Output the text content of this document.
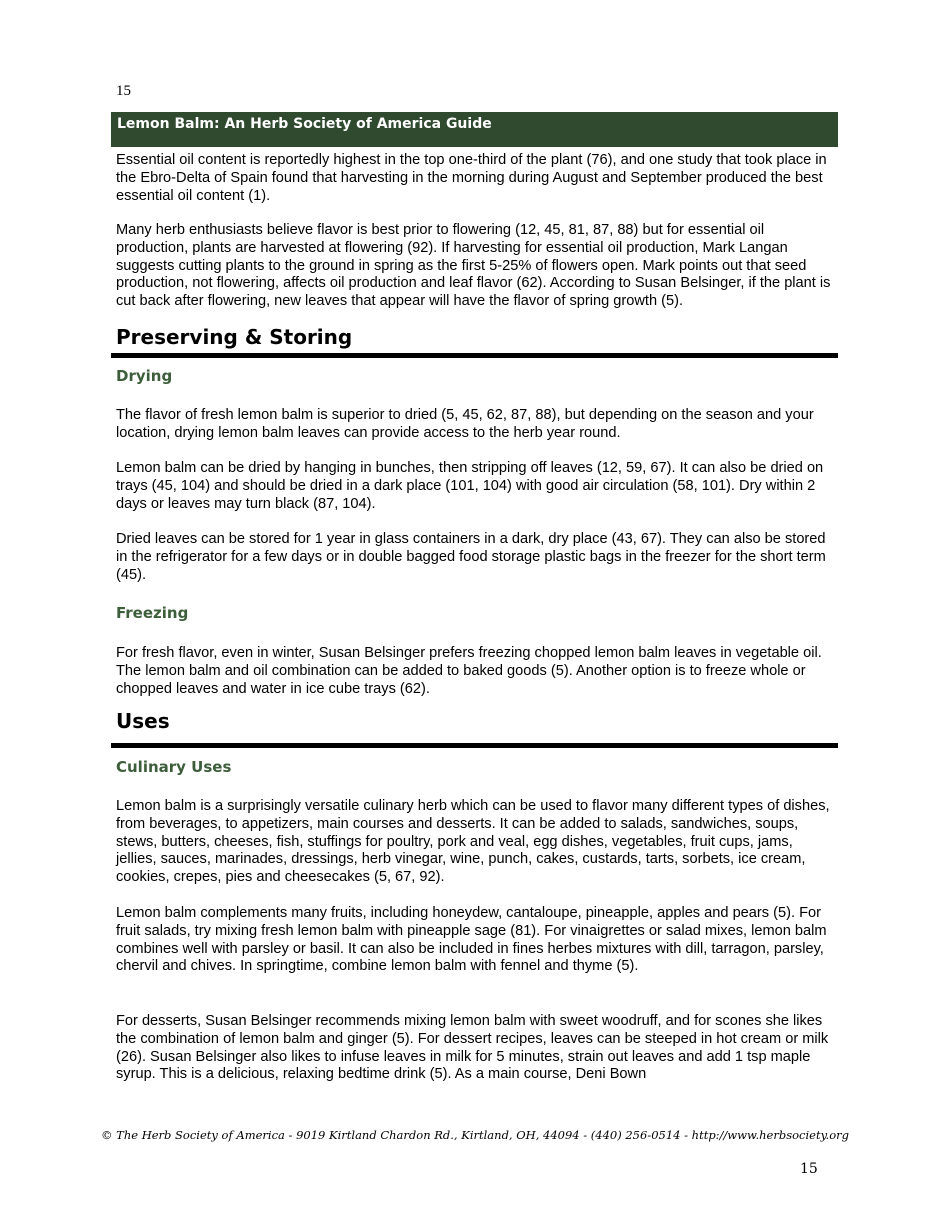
15
Lemon Balm: An Herb Society of America Guide

Essential oil content is reportedly highest in the top one-third of the plant (76), and one study that took place in the Ebro-Delta of Spain found that harvesting in the morning during August and September produced the best essential oil content (1).

Many herb enthusiasts believe flavor is best prior to flowering (12, 45, 81, 87, 88) but for essential oil production, plants are harvested at flowering (92). If harvesting for essential oil production, Mark Langan suggests cutting plants to the ground in spring as the first 5-25% of flowers open. Mark points out that seed production, not flowering, affects oil production and leaf flavor (62). According to Susan Belsinger, if the plant is cut back after flowering, new leaves that appear will have the flavor of spring growth (5).

Preserving & Storing
Drying

The flavor of fresh lemon balm is superior to dried (5, 45, 62, 87, 88), but depending on the season and your location, drying lemon balm leaves can provide access to the herb year round.

Lemon balm can be dried by hanging in bunches, then stripping off leaves (12, 59, 67). It can also be dried on trays (45, 104) and should be dried in a dark place (101, 104) with good air circulation (58, 101). Dry within 2 days or leaves may turn black (87, 104).

Dried leaves can be stored for 1 year in glass containers in a dark, dry place (43, 67). They can also be stored in the refrigerator for a few days or in double bagged food storage plastic bags in the freezer for the short term (45).

Freezing

For fresh flavor, even in winter, Susan Belsinger prefers freezing chopped lemon balm leaves in vegetable oil. The lemon balm and oil combination can be added to baked goods (5). Another option is to freeze whole or chopped leaves and water in ice cube trays (62).

Uses
Culinary Uses

Lemon balm is a surprisingly versatile culinary herb which can be used to flavor many different types of dishes, from beverages, to appetizers, main courses and desserts. It can be added to salads, sandwiches, soups, stews, butters, cheeses, fish, stuffings for poultry, pork and veal, egg dishes, vegetables, fruit cups, jams, jellies, sauces, marinades, dressings, herb vinegar, wine, punch, cakes, custards, tarts, sorbets, ice cream, cookies, crepes, pies and cheesecakes (5, 67, 92).

Lemon balm complements many fruits, including honeydew, cantaloupe, pineapple, apples and pears (5). For fruit salads, try mixing fresh lemon balm with pineapple sage (81). For vinaigrettes or salad mixes, lemon balm combines well with parsley or basil. It can also be included in fines herbes mixtures with dill, tarragon, parsley, chervil and chives. In springtime, combine lemon balm with fennel and thyme (5).

For desserts, Susan Belsinger recommends mixing lemon balm with sweet woodruff, and for scones she likes the combination of lemon balm and ginger (5). For dessert recipes, leaves can be steeped in hot cream or milk (26). Susan Belsinger also likes to infuse leaves in milk for 5 minutes, strain out leaves and add 1 tsp maple syrup. This is a delicious, relaxing bedtime drink (5). As a main course, Deni Bown

© The Herb Society of America - 9019 Kirtland Chardon Rd., Kirtland, OH, 44094 - (440) 256-0514 - http://www.herbsociety.org
15
